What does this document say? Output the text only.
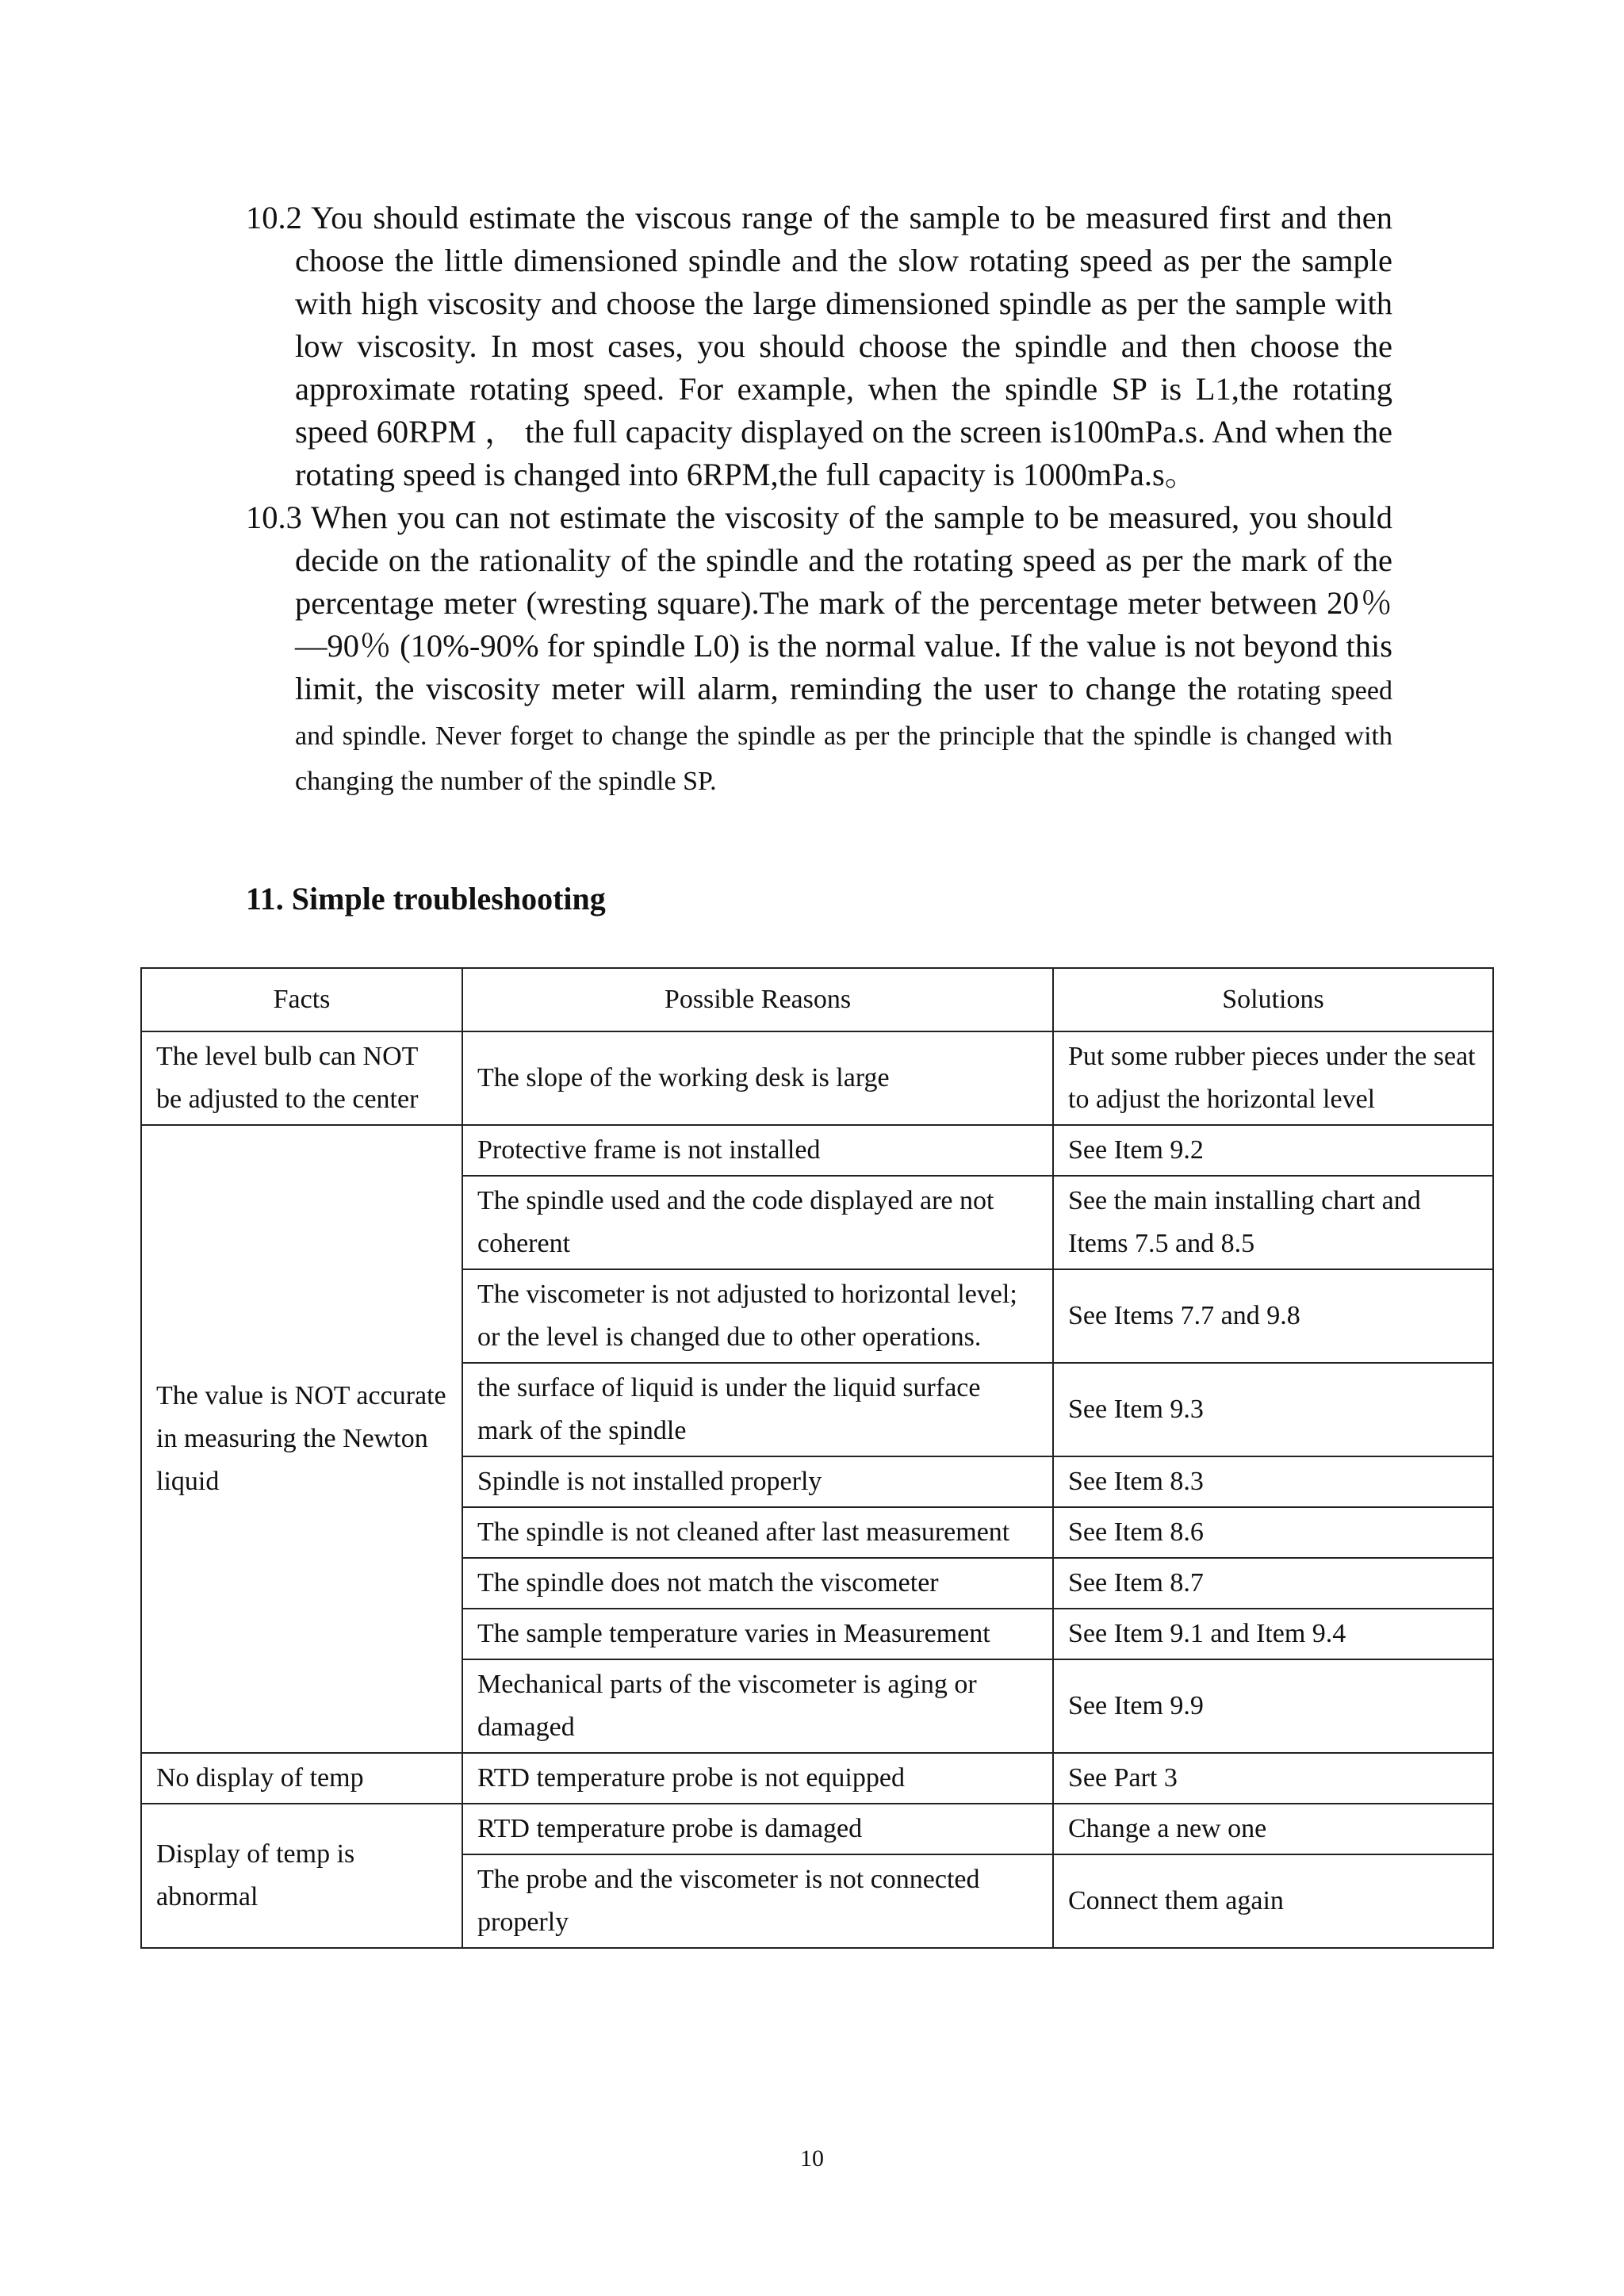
10.2 You should estimate the viscous range of the sample to be measured first and then choose the little dimensioned spindle and the slow rotating speed as per the sample with high viscosity and choose the large dimensioned spindle as per the sample with low viscosity. In most cases, you should choose the spindle and then choose the approximate rotating speed. For example, when the spindle SP is L1,the rotating speed 60RPM ， the full capacity displayed on the screen is100mPa.s. And when the rotating speed is changed into 6RPM,the full capacity is 1000mPa.s。

10.3 When you can not estimate the viscosity of the sample to be measured, you should decide on the rationality of the spindle and the rotating speed as per the mark of the percentage meter (wresting square).The mark of the percentage meter between 20％—90％ (10%-90% for spindle L0) is the normal value. If the value is not beyond this limit, the viscosity meter will alarm, reminding the user to change the rotating speed and spindle. Never forget to change the spindle as per the principle that the spindle is changed with changing the number of the spindle SP.

11. Simple troubleshooting
Facts	Possible Reasons	Solutions
The level bulb can NOT be adjusted to the center	The slope of the working desk is large	Put some rubber pieces under the seat to adjust the horizontal level
The value is NOT accurate in measuring the Newton liquid	Protective frame is not installed	See Item 9.2
	The spindle used and the code displayed are not coherent	See the main installing chart and Items 7.5 and 8.5
	The viscometer is not adjusted to horizontal level; or the level is changed due to other operations.	See Items 7.7 and 9.8
	the surface of liquid is under the liquid surface mark of the spindle	See Item 9.3
	Spindle is not installed properly	See Item 8.3
	The spindle is not cleaned after last measurement	See Item 8.6
	The spindle does not match the viscometer	See Item 8.7
	The sample temperature varies in Measurement	See Item 9.1 and Item 9.4
	Mechanical parts of the viscometer is aging or damaged	See Item 9.9
No display of temp	RTD temperature probe is not equipped	See Part 3
Display of temp is abnormal	RTD temperature probe is damaged	Change a new one
	The probe and the viscometer is not connected properly	Connect them again
10
